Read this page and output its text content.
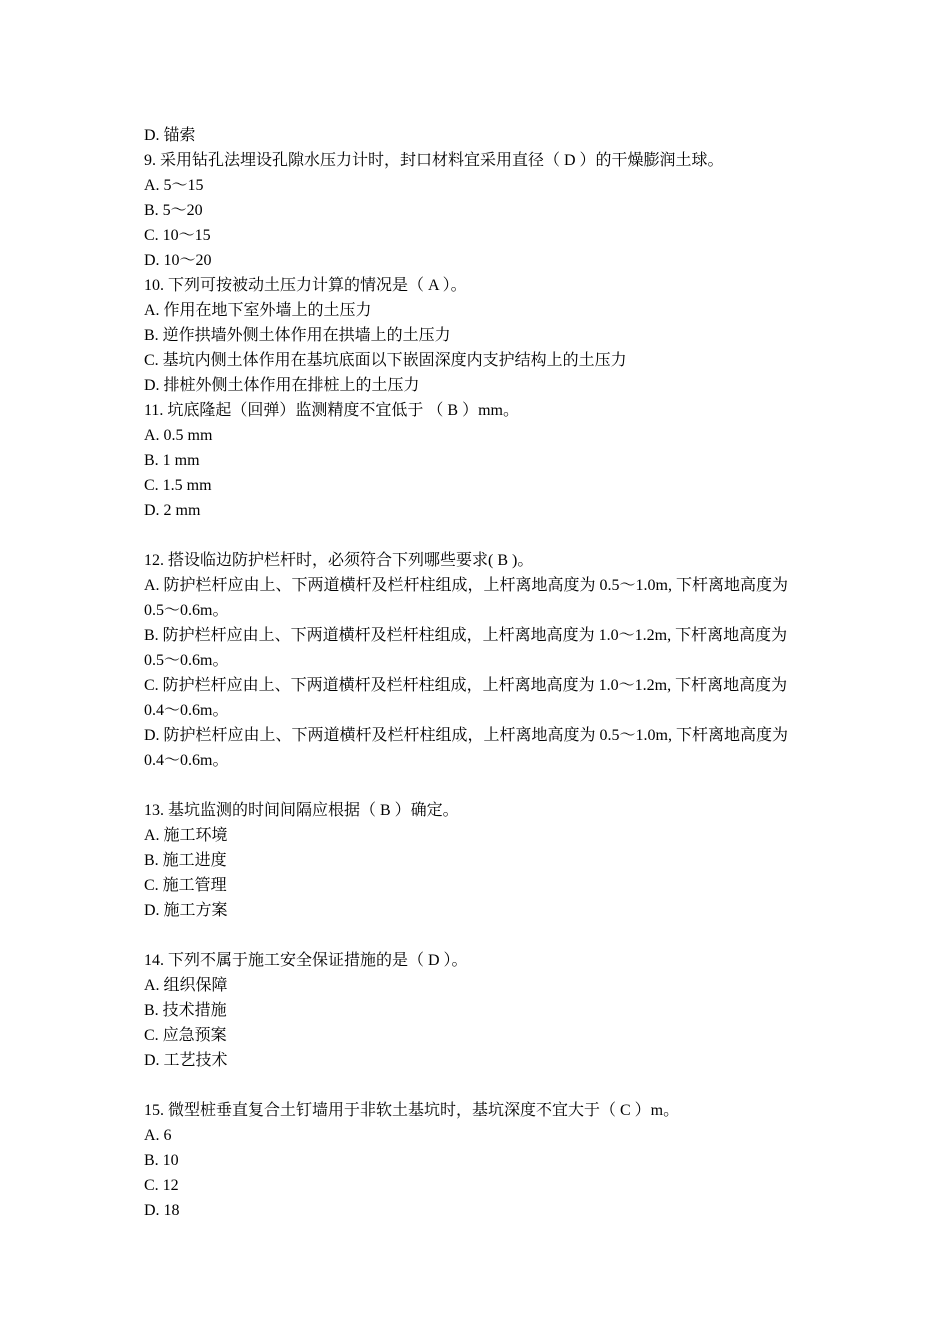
D. 锚索
9. 采用钻孔法埋设孔隙水压力计时，封口材料宜采用直径（ D ）的干燥膨润土球。
A. 5～15
B. 5～20
C. 10～15
D. 10～20
10. 下列可按被动土压力计算的情况是（ A ）。
A. 作用在地下室外墙上的土压力
B. 逆作拱墙外侧土体作用在拱墙上的土压力
C. 基坑内侧土体作用在基坑底面以下嵌固深度内支护结构上的土压力
D. 排桩外侧土体作用在排桩上的土压力
11. 坑底隆起（回弹）监测精度不宜低于 （ B ）mm。
A. 0.5 mm
B. 1 mm
C. 1.5 mm
D. 2 mm
12. 搭设临边防护栏杆时，必须符合下列哪些要求( B )。
A. 防护栏杆应由上、下两道横杆及栏杆柱组成，上杆离地高度为 0.5～1.0m, 下杆离地高度为
0.5～0.6m。
B. 防护栏杆应由上、下两道横杆及栏杆柱组成，上杆离地高度为 1.0～1.2m, 下杆离地高度为
0.5～0.6m。
C. 防护栏杆应由上、下两道横杆及栏杆柱组成，上杆离地高度为 1.0～1.2m, 下杆离地高度为
0.4～0.6m。
D. 防护栏杆应由上、下两道横杆及栏杆柱组成，上杆离地高度为 0.5～1.0m, 下杆离地高度为
0.4～0.6m。
13. 基坑监测的时间间隔应根据（ B ）确定。
A. 施工环境
B. 施工进度
C. 施工管理
D. 施工方案
14. 下列不属于施工安全保证措施的是（ D ）。
A. 组织保障
B. 技术措施
C. 应急预案
D. 工艺技术
15. 微型桩垂直复合土钉墙用于非软土基坑时，基坑深度不宜大于（ C ）m。
A. 6
B. 10
C. 12
D. 18
